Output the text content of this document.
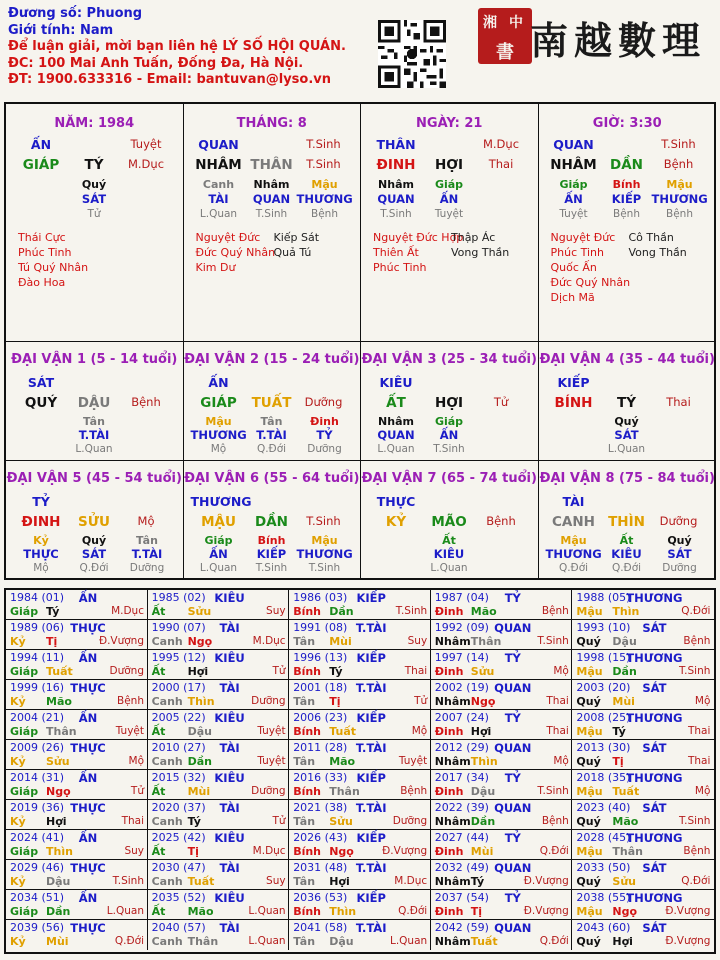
Đương số: Phuong
Giới tính: Nam
Để luận giải, mời bạn liên hệ LÝ SỐ HỘI QUÁN.
ĐC: 100 Mai Anh Tuấn, Đống Đa, Hà Nội.
ĐT: 1900.633316 - Email: bantuvan@lyso.vn
湘 中
書 南越數理
NĂM: 1984
ẤN	Tuyệt
GIÁP	TÝ	M.Dục
Quý
SÁT
Tử
Thái Cực
Phúc Tinh
Tú Quý Nhân
Đào Hoa
THÁNG: 8
QUAN	T.Sinh
NHÂM THÂN	T.Sinh
Canh
TÀI
L.Quan
Nhâm
QUAN
T.Sinh
Mậu
THƯƠNG
Bệnh
Nguyệt Đức
Đức Quý Nhân
Kim Dư
Kiếp Sát
Quả Tú
NGÀY: 21
THÂN	M.Dục
ĐINH	HỢI	Thai
Nhâm
QUAN
T.Sinh
Giáp
ẤN
Tuyệt
Nguyệt Đức Hợp
Thiên Ất
Phúc Tinh
Thập Ác
Vong Thần
GIỜ: 3:30
QUAN	T.Sinh
NHÂM DẦN	Bệnh
Giáp
ẤN
Tuyệt
Bính
KIẾP
Bệnh
Mậu
THƯƠNG
Bệnh
Nguyệt Đức
Phúc Tinh
Quốc Ấn
Đức Quý Nhân
Dịch Mã
Cô Thần
Vong Thần
ĐẠI VẬN 1 (5 - 14 tuổi)
SÁT
QUÝ	DẬU	Bệnh
Tân
T.TÀI
L.Quan
ĐẠI VẬN 2 (15 - 24 tuổi)
ẤN
GIÁP	TUẤT	Dưỡng
Mậu
THƯƠNG
Mộ
Tân
T.TÀI
Q.Đới
Đinh
TỶ
Dưỡng
ĐẠI VẬN 3 (25 - 34 tuổi)
KIÊU
ẤT	HỢI	Tử
Nhâm
QUAN
L.Quan
Giáp
ẤN
T.Sinh
ĐẠI VẬN 4 (35 - 44 tuổi)
KIẾP
BÍNH	TÝ	Thai
Quý
SÁT
L.Quan
ĐẠI VẬN 5 (45 - 54 tuổi)
TỶ
ĐINH	SỬU	Mộ
Kỷ
THỰC
Mộ
Quý
SÁT
Q.Đới
Tân
T.TÀI
Dưỡng
ĐẠI VẬN 6 (55 - 64 tuổi)
THƯƠNG
MẬU	DẦN	T.Sinh
Giáp
ẤN
L.Quan
Bính
KIẾP
T.Sinh
Mậu
THƯƠNG
T.Sinh
ĐẠI VẬN 7 (65 - 74 tuổi)
THỰC
KỶ	MÃO	Bệnh
Ất
KIÊU
L.Quan
ĐẠI VẬN 8 (75 - 84 tuổi)
TÀI
CANH THÌN	Dưỡng
Mậu
THƯƠNG
Q.Đới
Ất
KIÊU
Q.Đới
Quý
SÁT
Dưỡng
1984 (01)	ẤN
Giáp Tý	M.Dục
1985 (02) KIÊU
Ất	Sửu	Suy
1986 (03) KIẾP
Bính Dần	T.Sinh
1987 (04)	TỶ
Đinh Mão	Bệnh
1988 (05)
THƯƠNG
Mậu Thìn	Q.Đới
1989 (06) THỰC
Kỷ	Tị	Đ.Vượng
1990 (07)	TÀI
Canh Ngọ	M.Dục
1991 (08) T.TÀI
Tân	Mùi	Suy
1992 (09) QUAN
Nhâm Thân	T.Sinh
1993 (10)	SÁT
Quý	Dậu	Bệnh
1994 (11)	ẤN
Giáp Tuất	Dưỡng
1995 (12) KIÊU
Ất	Hợi	Tử
1996 (13) KIẾP
Bính Tý	Thai
1997 (14)	TỶ
Đinh Sửu	Mộ
1998 (15)
THƯƠNG
Mậu Dần	T.Sinh
1999 (16) THỰC
Kỷ	Mão	Bệnh
2000 (17)	TÀI
Canh Thìn	Dưỡng
2001 (18) T.TÀI
Tân	Tị	Tử
2002 (19) QUAN
Nhâm Ngọ	Thai
2003 (20)	SÁT
Quý	Mùi	Mộ
2004 (21)	ẤN
Giáp Thân	Tuyệt
2005 (22) KIÊU
Ất	Dậu	Tuyệt
2006 (23) KIẾP
Bính Tuất	Mộ
2007 (24)	TỶ
Đinh Hợi	Thai
2008 (25)
THƯƠNG
Mậu Tý	Thai
2009 (26) THỰC
Kỷ	Sửu	Mộ
2010 (27)	TÀI
Canh Dần	Tuyệt
2011 (28) T.TÀI
Tân	Mão	Tuyệt
2012 (29) QUAN
Nhâm Thìn	Mộ
2013 (30)	SÁT
Quý	Tị	Thai
2014 (31)	ẤN
Giáp Ngọ	Tử
2015 (32) KIÊU
Ất	Mùi	Dưỡng
2016 (33) KIẾP
Bính Thân	Bệnh
2017 (34)	TỶ
Đinh Dậu	T.Sinh
2018 (35)
THƯƠNG
Mậu Tuất	Mộ
2019 (36) THỰC
Kỷ	Hợi	Thai
2020 (37)	TÀI
Canh Tý	Tử
2021 (38) T.TÀI
Tân	Sửu	Dưỡng
2022 (39) QUAN
Nhâm Dần	Bệnh
2023 (40)	SÁT
Quý	Mão	T.Sinh
2024 (41)	ẤN
Giáp Thìn	Suy
2025 (42) KIÊU
Ất	Tị	M.Dục
2026 (43) KIẾP
Bính Ngọ	Đ.Vượng
2027 (44)	TỶ
Đinh Mùi	Q.Đới
2028 (45)
THƯƠNG
Mậu Thân	Bệnh
2029 (46) THỰC
Kỷ	Dậu	T.Sinh
2030 (47)	TÀI
Canh Tuất	Suy
2031 (48) T.TÀI
Tân	Hợi	M.Dục
2032 (49) QUAN
Nhâm Tý	Đ.Vượng
2033 (50)	SÁT
Quý	Sửu	Q.Đới
2034 (51)	ẤN
Giáp Dần	L.Quan
2035 (52) KIÊU
Ất	Mão	L.Quan
2036 (53) KIẾP
Bính Thìn	Q.Đới
2037 (54)	TỶ
Đinh Tị	Đ.Vượng
2038 (55)
THƯƠNG
Mậu Ngọ	Đ.Vượng
2039 (56) THỰC
Kỷ	Mùi	Q.Đới
2040 (57)	TÀI
Canh Thân	L.Quan
2041 (58) T.TÀI
Tân	Dậu	L.Quan
2042 (59) QUAN
Nhâm Tuất	Q.Đới
2043 (60)	SÁT
Quý	Hợi	Đ.Vượng
